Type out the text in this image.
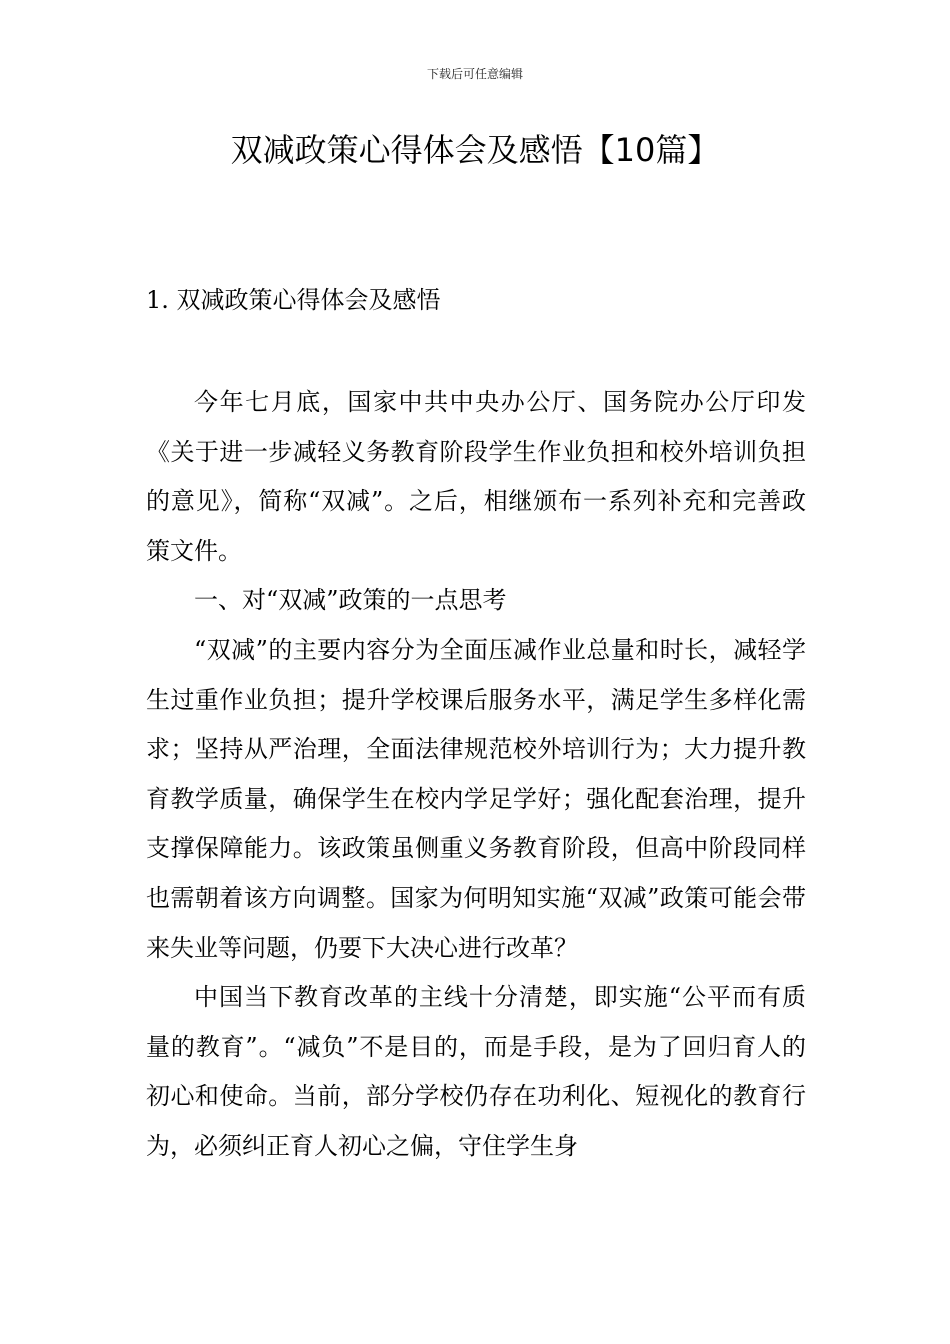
下载后可任意编辑
双减政策心得体会及感悟【10篇】
1. 双减政策心得体会及感悟

今年七月底，国家中共中央办公厅、国务院办公厅印发《关于进一步减轻义务教育阶段学生作业负担和校外培训负担的意见》，简称“双减”。之后，相继颁布一系列补充和完善政策文件。

一、对“双减”政策的一点思考

“双减”的主要内容分为全面压减作业总量和时长，减轻学生过重作业负担；提升学校课后服务水平，满足学生多样化需求；坚持从严治理，全面法律规范校外培训行为；大力提升教育教学质量，确保学生在校内学足学好；强化配套治理，提升支撑保障能力。该政策虽侧重义务教育阶段，但高中阶段同样也需朝着该方向调整。国家为何明知实施“双减”政策可能会带来失业等问题，仍要下大决心进行改革？

中国当下教育改革的主线十分清楚，即实施“公平而有质量的教育”。“减负”不是目的，而是手段，是为了回归育人的初心和使命。当前，部分学校仍存在功利化、短视化的教育行为，必须纠正育人初心之偏，守住学生身
